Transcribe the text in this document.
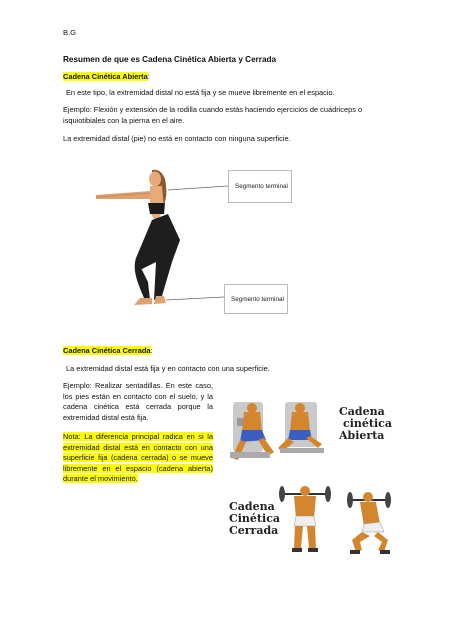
B.G

Resumen de que es Cadena Cinética Abierta y Cerrada

Cadena Cinética Abierta:

En este tipo, la extremidad distal no está fija y se mueve libremente en el espacio.

Ejemplo: Flexión y extensión de la rodilla cuando estás haciendo ejercicios de cuádriceps o isquiotibiales con la pierna en el aire.

La extremidad distal (pie) no está en contacto con ninguna superficie.

Segmento terminal
Segmento terminal

Cadena Cinética Cerrada:

La extremidad distal está fija y en contacto con una superficie.

Ejemplo: Realizar sentadillas. En este caso, los pies están en contacto con el suelo, y la cadena cinética está cerrada porque la extremidad distal está fija.

Nota: La diferencia principal radica en si la extremidad distal está en contacto con una superficie fija (cadena cerrada) o se mueve libremente en el espacio (cadena abierta) durante el movimiento.

Cadena
cinética
Abierta
Cadena
Cinética
Cerrada
